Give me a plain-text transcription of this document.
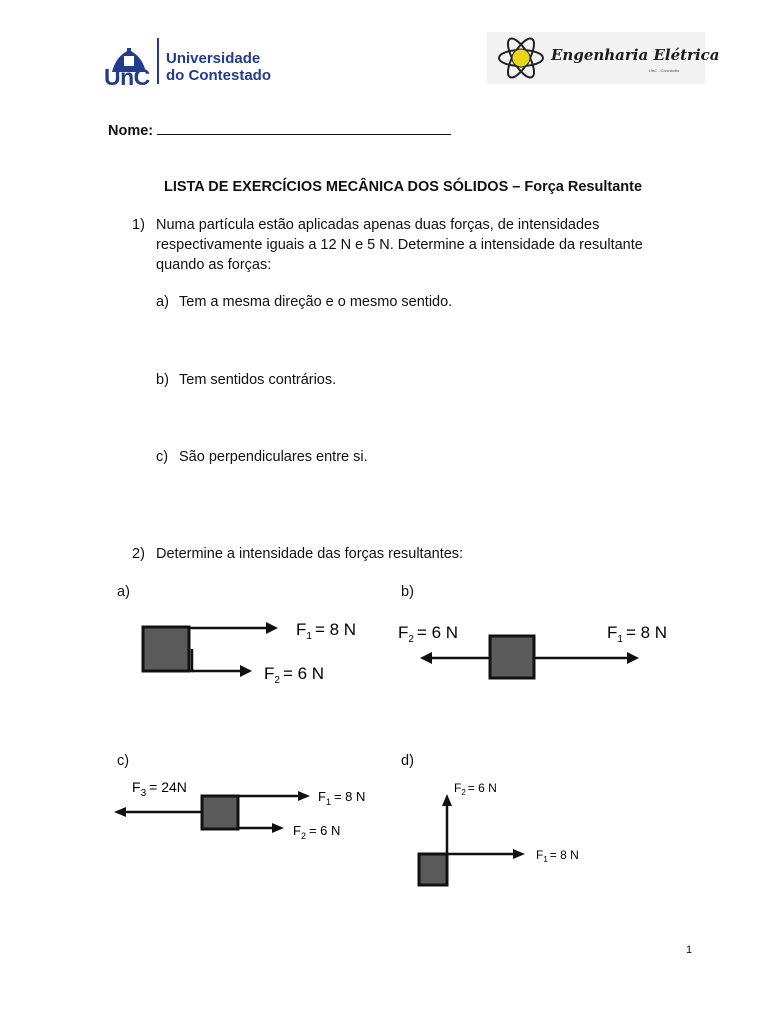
UnC
Universidade
do Contestado
Engenharia Elétrica
UnC - Concórdia
Nome:
LISTA DE EXERCÍCIOS MECÂNICA DOS SÓLIDOS – Força Resultante
1) Numa partícula estão aplicadas apenas duas forças, de intensidades
respectivamente iguais a 12 N e 5 N. Determine a intensidade da resultante
quando as forças:
a) Tem a mesma direção e o mesmo sentido.
b) Tem sentidos contrários.
c) São perpendiculares entre si.
2) Determine a intensidade das forças resultantes:
a)	b)
c)	d)
$F_1 = 8$ N
$F_2 = 6$ N
$F_2 = 6$ N	$F_1 = 8$ N
$F_3 = 24N$
$F_1 = 8$ N
$F_2 = 6$ N
$F_2 = 6$ N
$F_1 = 8$ N
1
